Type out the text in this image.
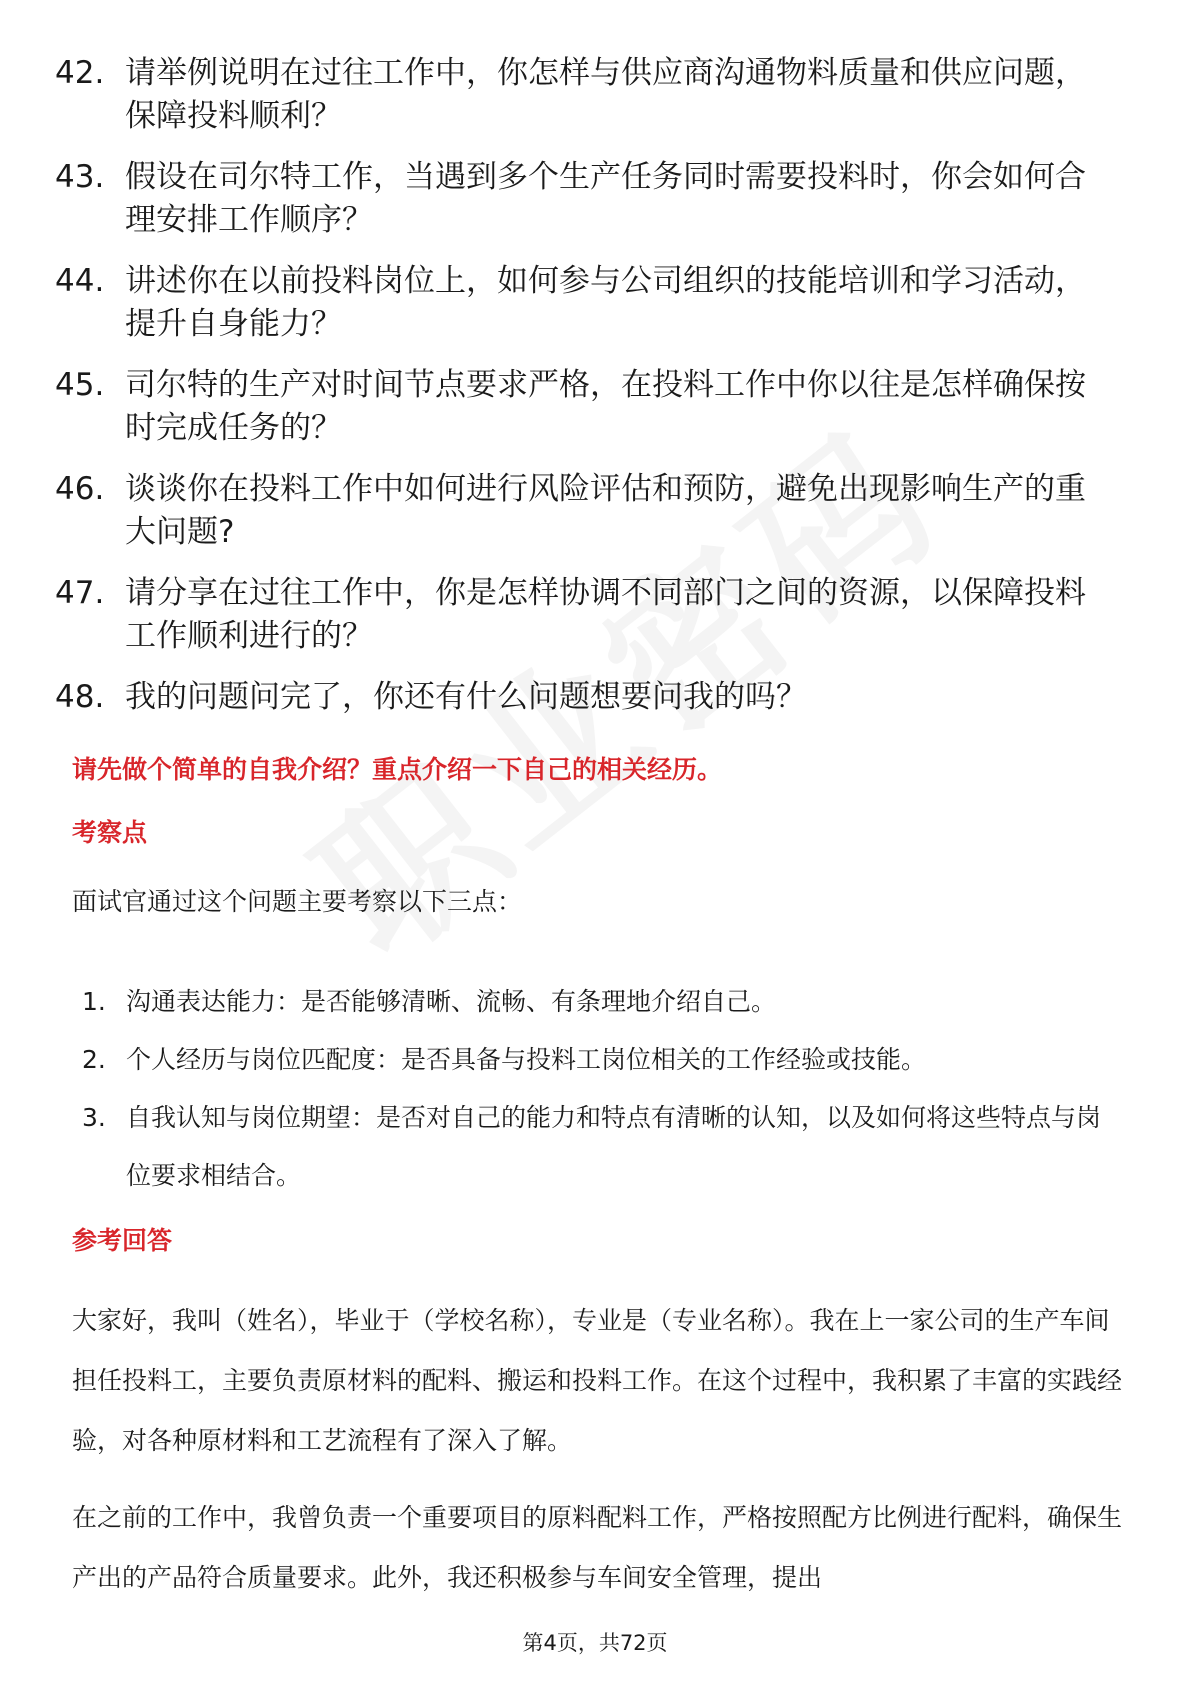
42. 请举例说明在过往工作中，你怎样与供应商沟通物料质量和供应问题，保障投料顺利？
43. 假设在司尔特工作，当遇到多个生产任务同时需要投料时，你会如何合理安排工作顺序？
44. 讲述你在以前投料岗位上，如何参与公司组织的技能培训和学习活动，提升自身能力？
45. 司尔特的生产对时间节点要求严格，在投料工作中你以往是怎样确保按时完成任务的？
46. 谈谈你在投料工作中如何进行风险评估和预防，避免出现影响生产的重大问题?
47. 请分享在过往工作中，你是怎样协调不同部门之间的资源，以保障投料工作顺利进行的？
48. 我的问题问完了，你还有什么问题想要问我的吗？
请先做个简单的自我介绍？重点介绍一下自己的相关经历。
考察点
面试官通过这个问题主要考察以下三点：
1. 沟通表达能力：是否能够清晰、流畅、有条理地介绍自己。
2. 个人经历与岗位匹配度：是否具备与投料工岗位相关的工作经验或技能。
3. 自我认知与岗位期望：是否对自己的能力和特点有清晰的认知，以及如何将这些特点与岗位要求相结合。
参考回答
大家好，我叫（姓名），毕业于（学校名称），专业是（专业名称）。我在上一家公司的生产车间担任投料工，主要负责原材料的配料、搬运和投料工作。在这个过程中，我积累了丰富的实践经验，对各种原材料和工艺流程有了深入了解。
在之前的工作中，我曾负责一个重要项目的原料配料工作，严格按照配方比例进行配料，确保生产出的产品符合质量要求。此外，我还积极参与车间安全管理，提出
第4页，共72页
